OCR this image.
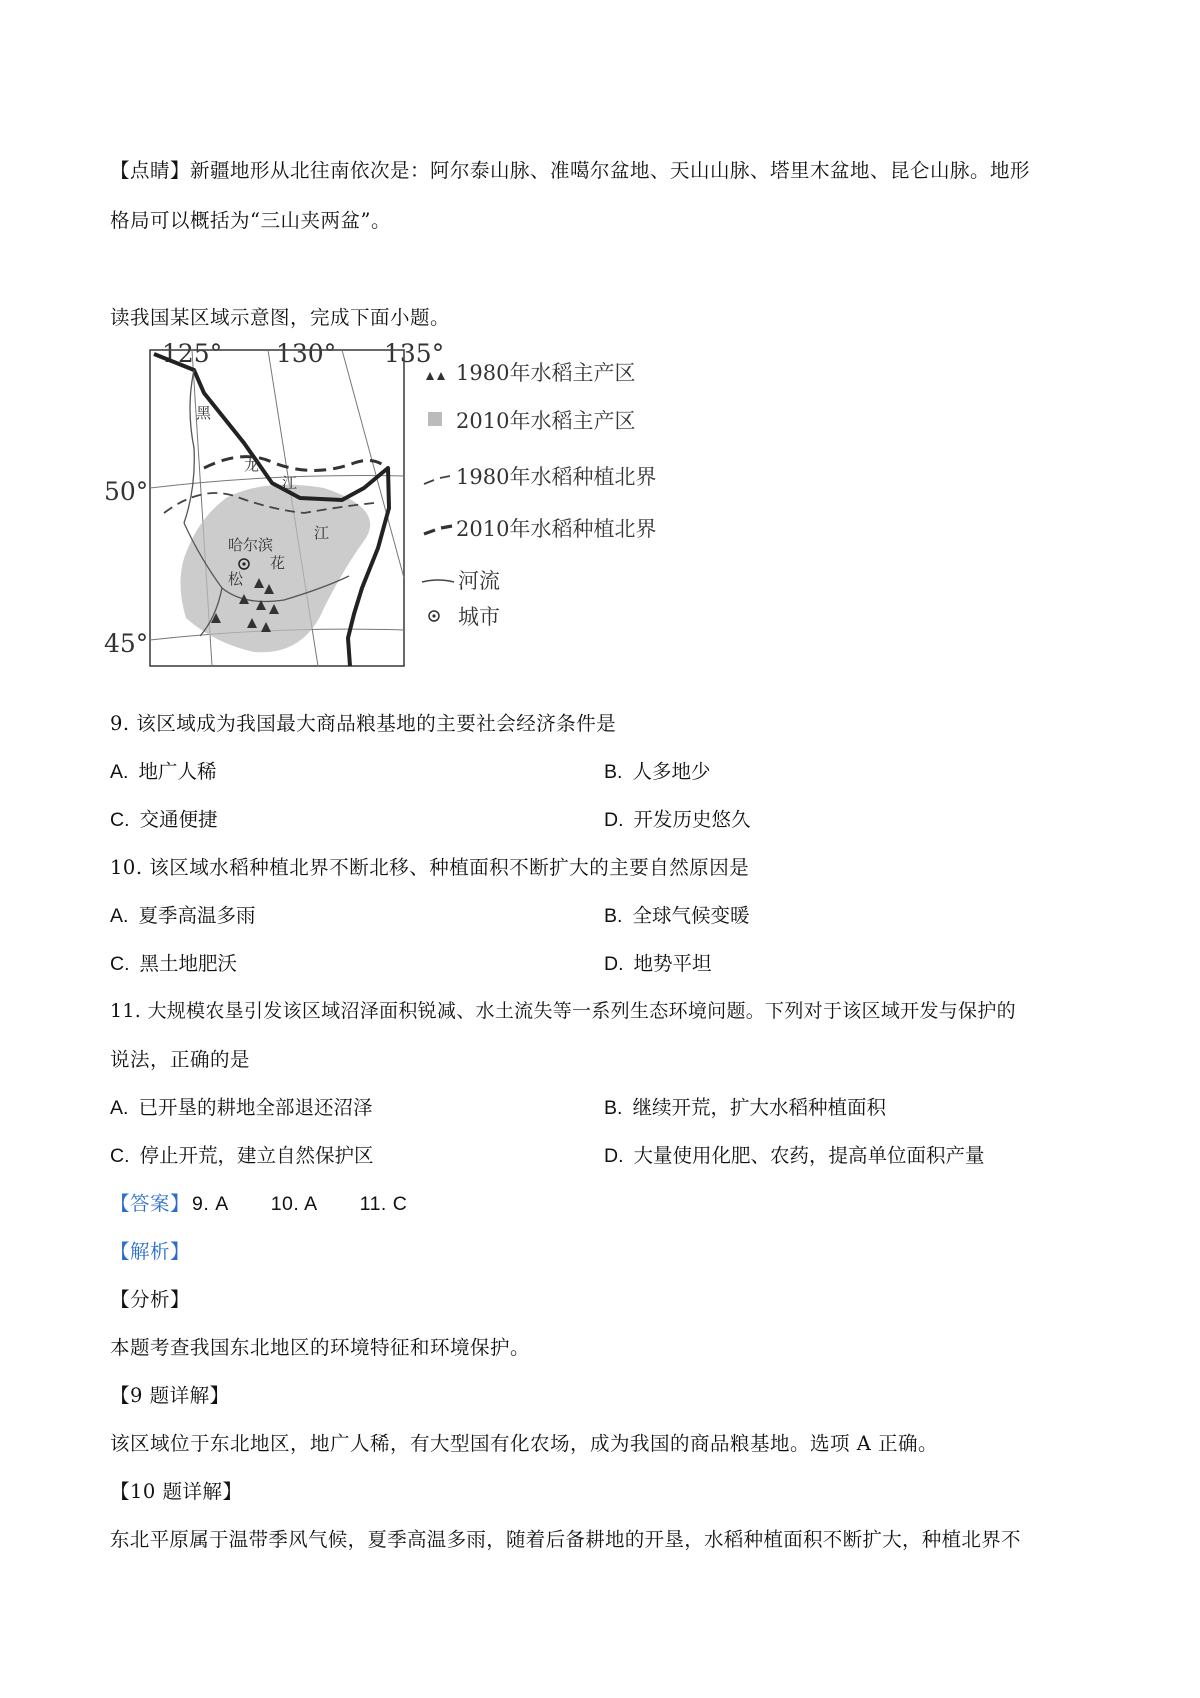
【点睛】新疆地形从北往南依次是：阿尔泰山脉、准噶尔盆地、天山山脉、塔里木盆地、昆仑山脉。地形
格局可以概括为“三山夹两盆”。
读我国某区域示意图，完成下面小题。
125° 130° 135°
50°
45°
黑
龙
江
江
哈尔滨
花
松
1980年水稻主产区
2010年水稻主产区
1980年水稻种植北界
2010年水稻种植北界
河流
城市
9. 该区域成为我国最大商品粮基地的主要社会经济条件是
A. 地广人稀	B. 人多地少
C. 交通便捷	D. 开发历史悠久
10. 该区域水稻种植北界不断北移、种植面积不断扩大的主要自然原因是
A. 夏季高温多雨	B. 全球气候变暖
C. 黑土地肥沃	D. 地势平坦
11. 大规模农垦引发该区域沼泽面积锐减、水土流失等一系列生态环境问题。下列对于该区域开发与保护的
说法，正确的是
A. 已开垦的耕地全部退还沼泽	B. 继续开荒，扩大水稻种植面积
C. 停止开荒，建立自然保护区	D. 大量使用化肥、农药，提高单位面积产量
【答案】 9. A 10. A 11. C
【解析】
【分析】
本题考查我国东北地区的环境特征和环境保护。
【9 题详解】
该区域位于东北地区，地广人稀，有大型国有化农场，成为我国的商品粮基地。选项 A 正确。
【10 题详解】
东北平原属于温带季风气候，夏季高温多雨，随着后备耕地的开垦，水稻种植面积不断扩大，种植北界不
